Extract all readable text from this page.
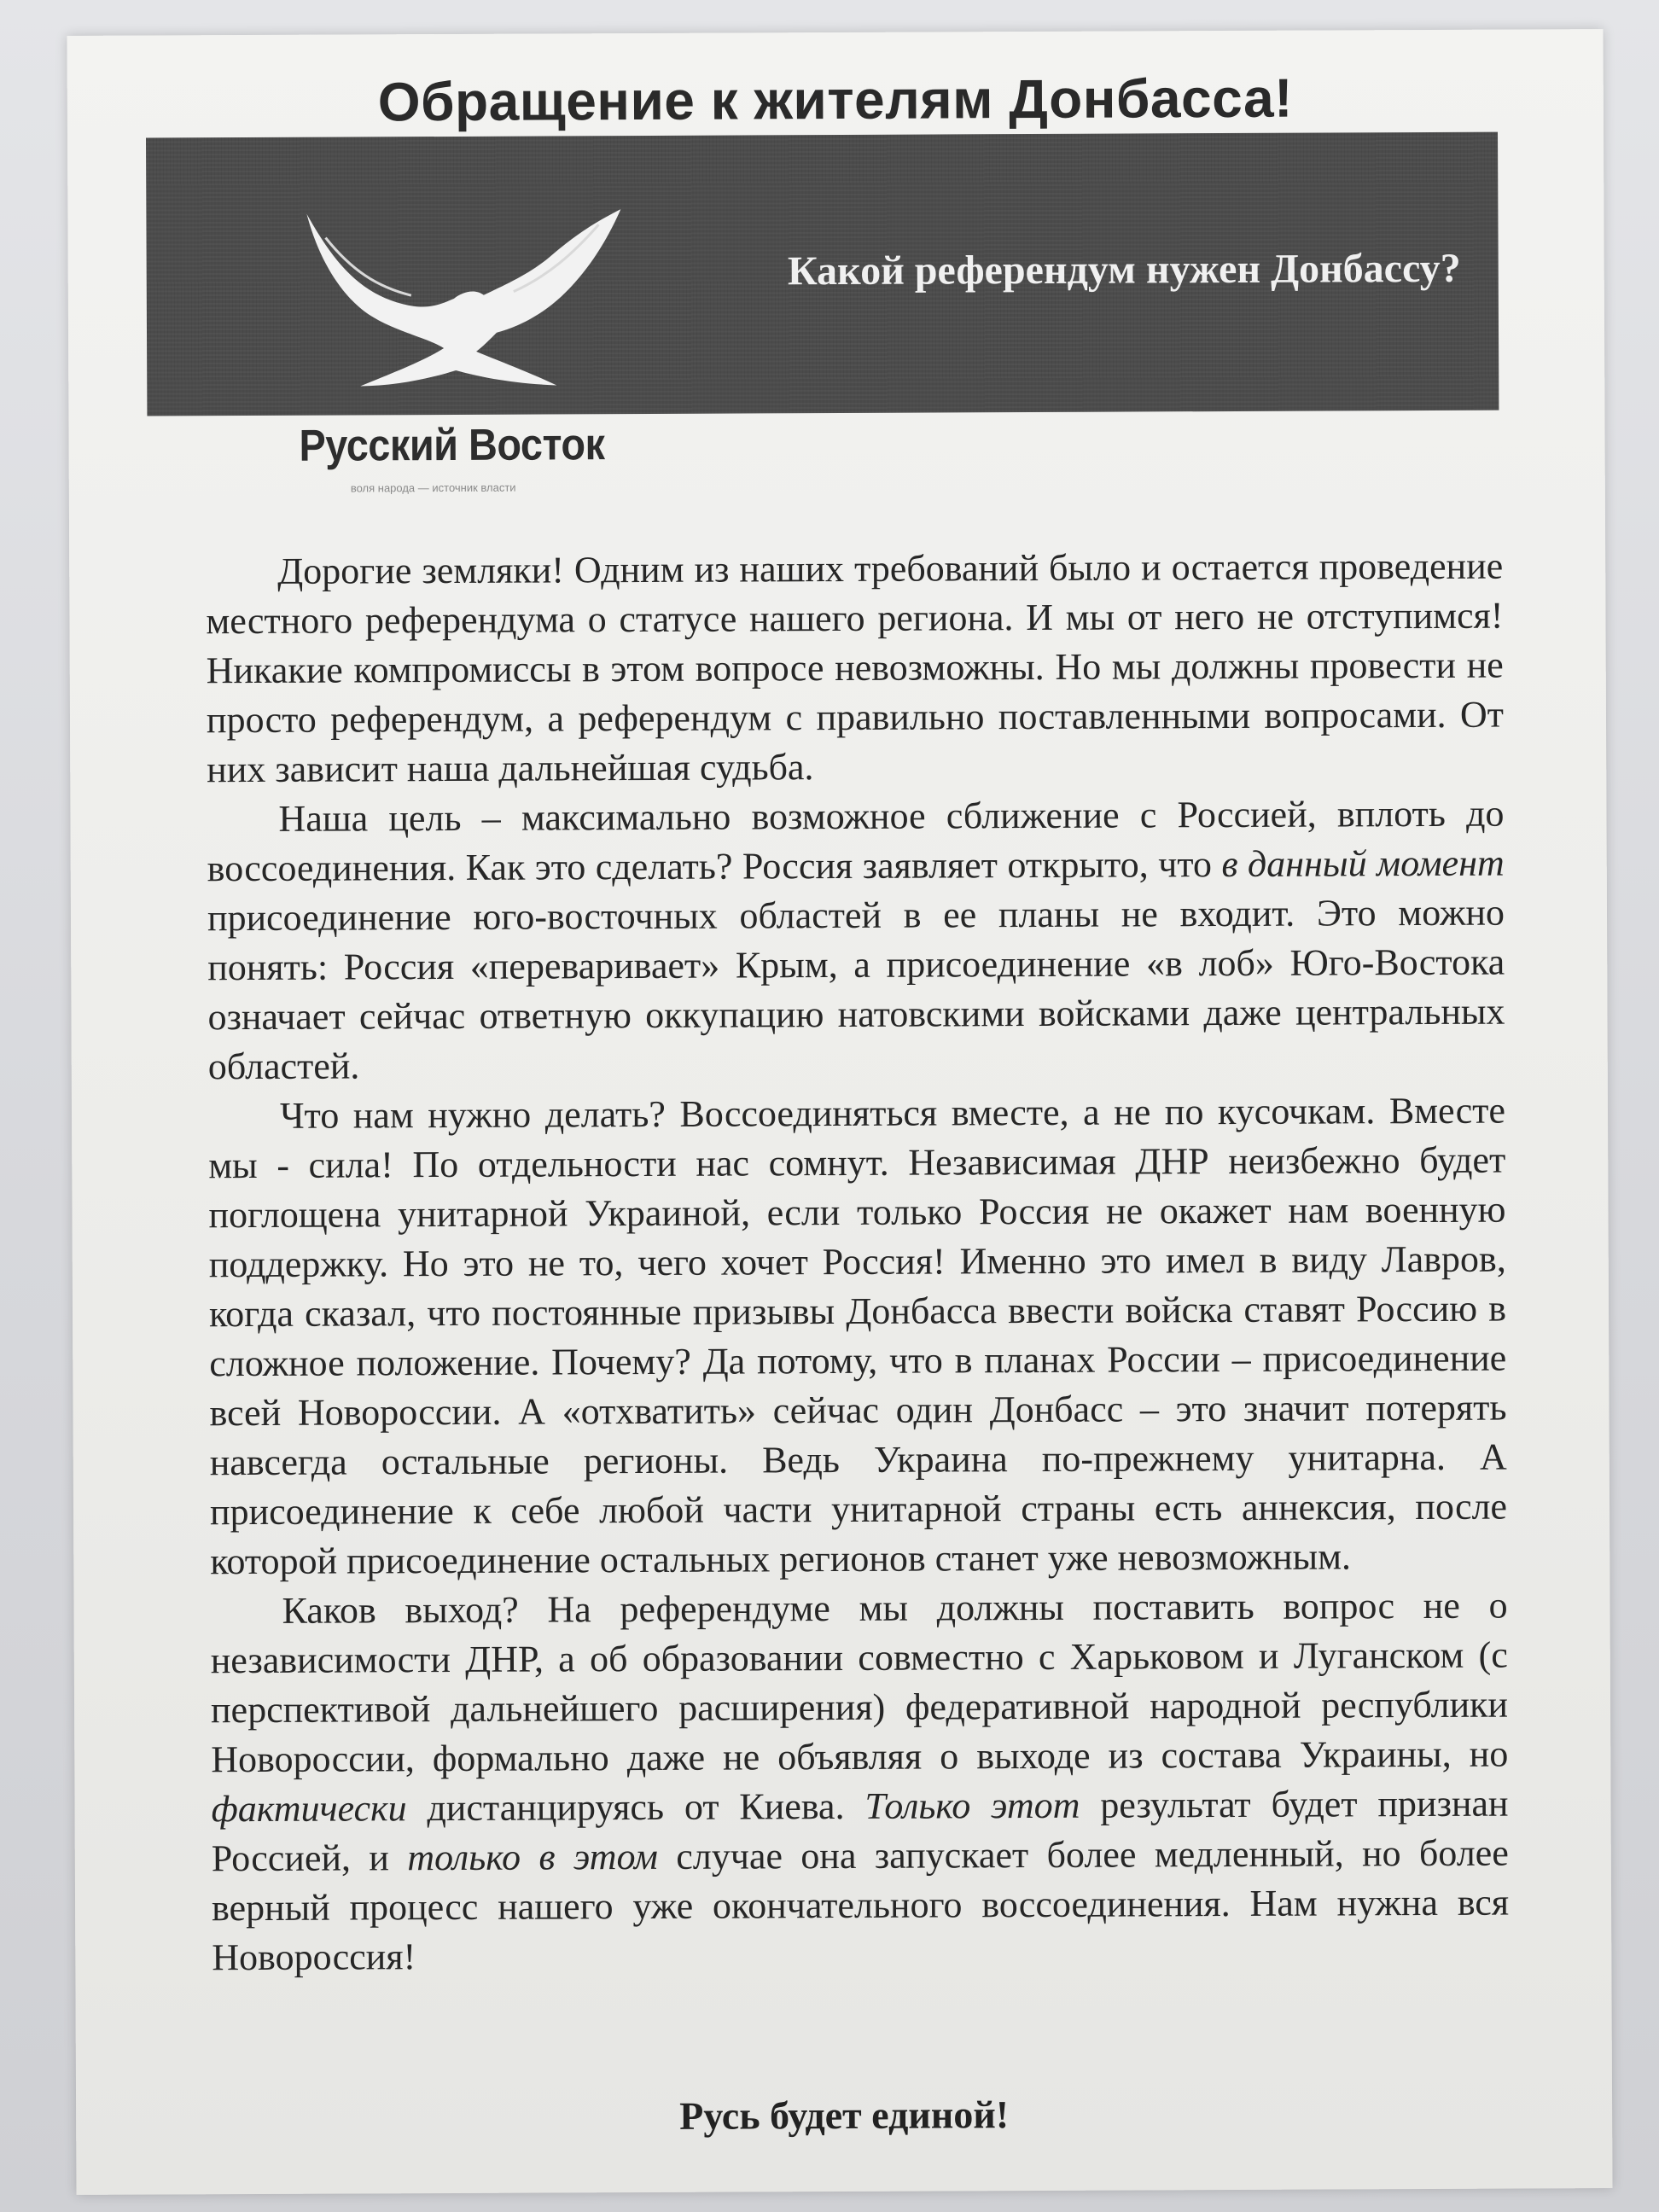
Обращение к жителям Донбасса!
Какой референдум нужен Донбассу?
Русский Восток
воля народа — источник власти

Дорогие земляки! Одним из наших требований было и остается проведение местного референдума о статусе нашего региона. И мы от него не отступимся! Никакие компромиссы в этом вопросе невозможны. Но мы должны провести не просто референдум, а референдум с правильно поставленными вопросами. От них зависит наша дальнейшая судьба.

Наша цель – максимально возможное сближение с Россией, вплоть до воссоединения. Как это сделать? Россия заявляет открыто, что в данный момент присоединение юго-восточных областей в ее планы не входит. Это можно понять: Россия «переваривает» Крым, а присоединение «в лоб» Юго-Востока означает сейчас ответную оккупацию натовскими войсками даже центральных областей.

Что нам нужно делать? Воссоединяться вместе, а не по кусочкам. Вместе мы - сила! По отдельности нас сомнут. Независимая ДНР неизбежно будет поглощена унитарной Украиной, если только Россия не окажет нам военную поддержку. Но это не то, чего хочет Россия! Именно это имел в виду Лавров, когда сказал, что постоянные призывы Донбасса ввести войска ставят Россию в сложное положение. Почему? Да потому, что в планах России – присоединение всей Новороссии. А «отхватить» сейчас один Донбасс – это значит потерять навсегда остальные регионы. Ведь Украина по-прежнему унитарна. А присоединение к себе любой части унитарной страны есть аннексия, после которой присоединение остальных регионов станет уже невозможным.

Каков выход? На референдуме мы должны поставить вопрос не о независимости ДНР, а об образовании совместно с Харьковом и Луганском (с перспективой дальнейшего расширения) федеративной народной республики Новороссии, формально даже не объявляя о выходе из состава Украины, но фактически дистанцируясь от Киева. Только этот результат будет признан Россией, и только в этом случае она запускает более медленный, но более верный процесс нашего уже окончательного воссоединения. Нам нужна вся Новороссия!

Русь будет единой!
